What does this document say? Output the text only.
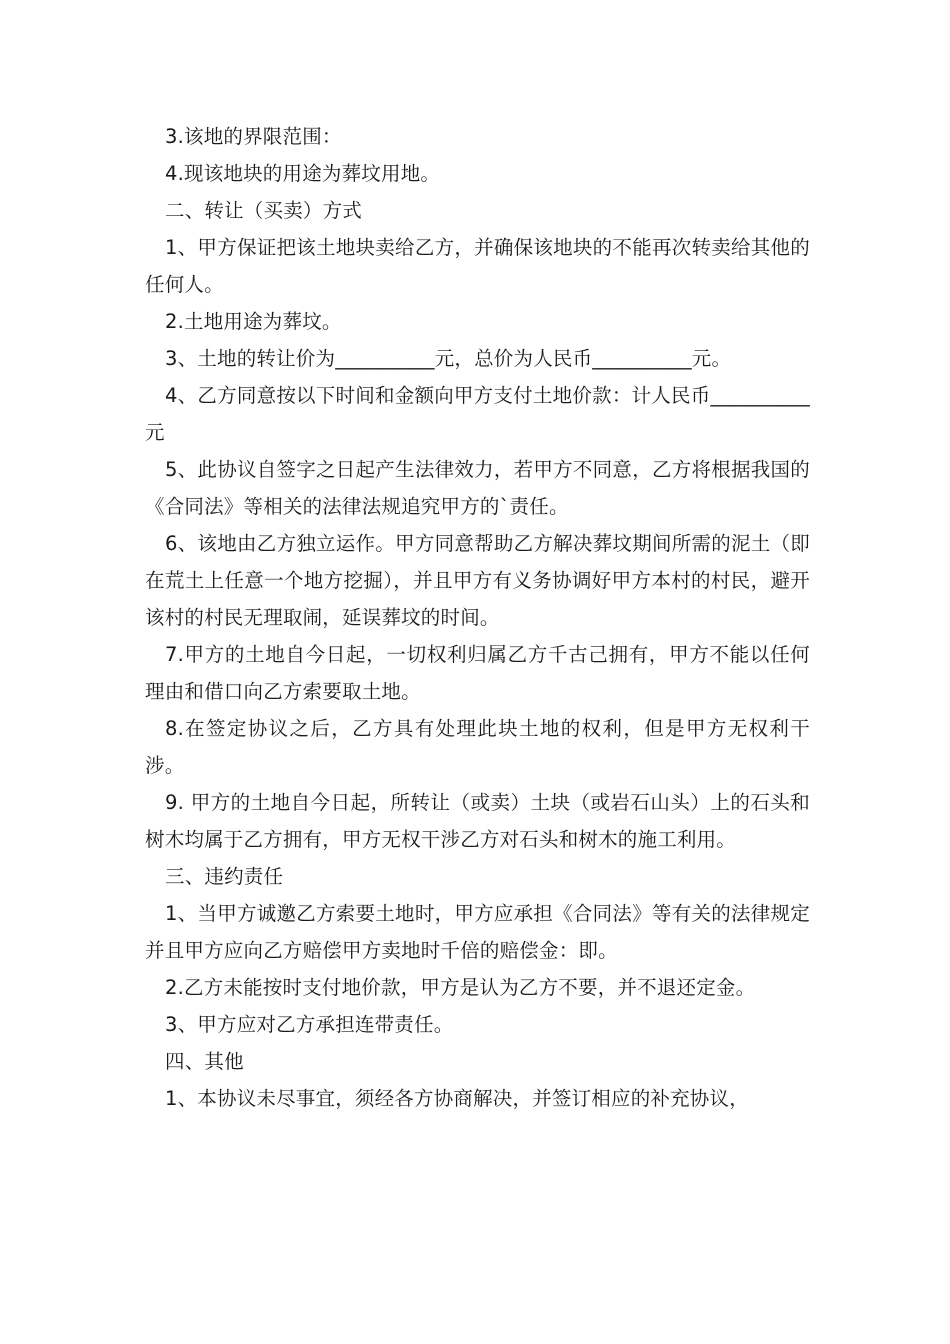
3.该地的界限范围：

4.现该地块的用途为葬坟用地。

二、转让（买卖）方式

1、甲方保证把该土地块卖给乙方，并确保该地块的不能再次转卖给其他的任何人。

2.土地用途为葬坟。

3、土地的转让价为__________元，总价为人民币__________元。

4、乙方同意按以下时间和金额向甲方支付土地价款：计人民币__________元

5、此协议自签字之日起产生法律效力，若甲方不同意，乙方将根据我国的《合同法》等相关的法律法规追究甲方的`责任。

6、该地由乙方独立运作。甲方同意帮助乙方解决葬坟期间所需的泥土（即在荒土上任意一个地方挖掘），并且甲方有义务协调好甲方本村的村民，避开该村的村民无理取闹，延误葬坟的时间。

7.甲方的土地自今日起，一切权利归属乙方千古己拥有，甲方不能以任何理由和借口向乙方索要取土地。

8.在签定协议之后，乙方具有处理此块土地的权利，但是甲方无权利干涉。

9. 甲方的土地自今日起，所转让（或卖）土块（或岩石山头）上的石头和树木均属于乙方拥有，甲方无权干涉乙方对石头和树木的施工利用。

三、违约责任

1、当甲方诚邀乙方索要土地时，甲方应承担《合同法》等有关的法律规定并且甲方应向乙方赔偿甲方卖地时千倍的赔偿金：即。

2.乙方未能按时支付地价款，甲方是认为乙方不要，并不退还定金。

3、甲方应对乙方承担连带责任。

四、其他

1、本协议未尽事宜，须经各方协商解决，并签订相应的补充协议，
